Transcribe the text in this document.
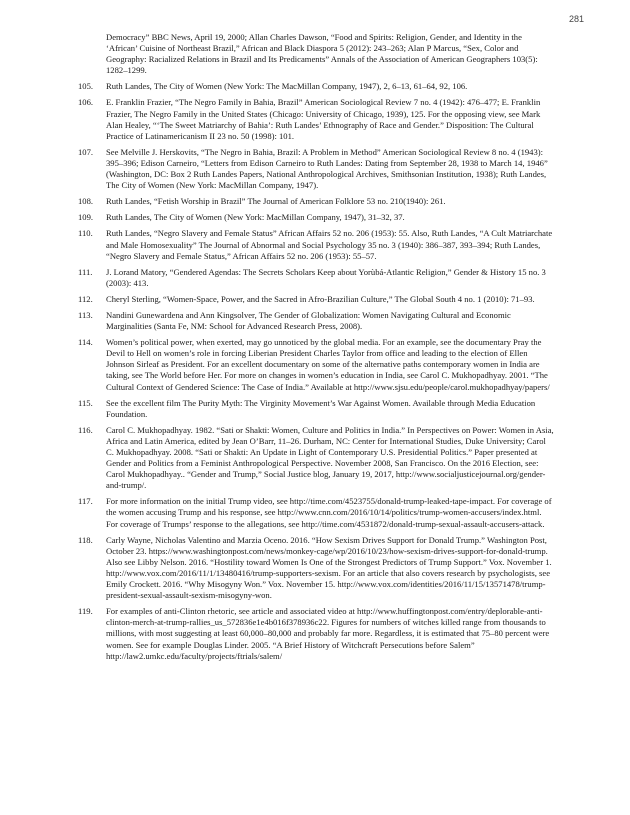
281
Democracy” BBC News, April 19, 2000; Allan Charles Dawson, “Food and Spirits: Religion, Gender, and Identity in the ‘African’ Cuisine of Northeast Brazil,” African and Black Diaspora 5 (2012): 243–263; Alan P Marcus, “Sex, Color and Geography: Racialized Relations in Brazil and Its Predicaments” Annals of the Association of American Geographers 103(5): 1282–1299.
105.	Ruth Landes, The City of Women (New York: The MacMillan Company, 1947), 2, 6–13, 61–64, 92, 106.
106.	E. Franklin Frazier, “The Negro Family in Bahia, Brazil” American Sociological Review 7 no. 4 (1942): 476–477; E. Franklin Frazier, The Negro Family in the United States (Chicago: University of Chicago, 1939), 125. For the opposing view, see Mark Alan Healey, “‘The Sweet Matriarchy of Bahia’: Ruth Landes’ Ethnography of Race and Gender.” Disposition: The Cultural Practice of Latinamericanism II 23 no. 50 (1998): 101.
107.	See Melville J. Herskovits, “The Negro in Bahia, Brazil: A Problem in Method” American Sociological Review 8 no. 4 (1943): 395–396; Edison Carneiro, “Letters from Edison Carneiro to Ruth Landes: Dating from September 28, 1938 to March 14, 1946” (Washington, DC: Box 2 Ruth Landes Papers, National Anthropological Archives, Smithsonian Institution, 1938); Ruth Landes, The City of Women (New York: MacMillan Company, 1947).
108.	Ruth Landes, “Fetish Worship in Brazil” The Journal of American Folklore 53 no. 210(1940): 261.
109.	Ruth Landes, The City of Women (New York: MacMillan Company, 1947), 31–32, 37.
110.	Ruth Landes, “Negro Slavery and Female Status” African Affairs 52 no. 206 (1953): 55. Also, Ruth Landes, “A Cult Matriarchate and Male Homosexuality” The Journal of Abnormal and Social Psychology 35 no. 3 (1940): 386–387, 393–394; Ruth Landes, “Negro Slavery and Female Status,” African Affairs 52 no. 206 (1953): 55–57.
111.	J. Lorand Matory, “Gendered Agendas: The Secrets Scholars Keep about Yorùbá-Atlantic Religion,” Gender & History 15 no. 3 (2003): 413.
112.	Cheryl Sterling, “Women-Space, Power, and the Sacred in Afro-Brazilian Culture,” The Global South 4 no. 1 (2010): 71–93.
113.	Nandini Gunewardena and Ann Kingsolver, The Gender of Globalization: Women Navigating Cultural and Economic Marginalities (Santa Fe, NM: School for Advanced Research Press, 2008).
114.	Women’s political power, when exerted, may go unnoticed by the global media. For an example, see the documentary Pray the Devil to Hell on women’s role in forcing Liberian President Charles Taylor from office and leading to the election of Ellen Johnson Sirleaf as President. For an excellent documentary on some of the alternative paths contemporary women in India are taking, see The World before Her. For more on changes in women’s education in India, see Carol C. Mukhopadhyay. 2001. “The Cultural Context of Gendered Science: The Case of India.” Available at http://www.sjsu.edu/people/carol.mukhopadhyay/papers/
115.	See the excellent film The Purity Myth: The Virginity Movement’s War Against Women. Available through Media Education Foundation.
116.	Carol C. Mukhopadhyay. 1982. “Sati or Shakti: Women, Culture and Politics in India.” In Perspectives on Power: Women in Asia, Africa and Latin America, edited by Jean O’Barr, 11–26. Durham, NC: Center for International Studies, Duke University; Carol C. Mukhopadhyay. 2008. “Sati or Shakti: An Update in Light of Contemporary U.S. Presidential Politics.” Paper presented at Gender and Politics from a Feminist Anthropological Perspective. November 2008, San Francisco. On the 2016 Election, see: Carol Mukhopadhyay.. “Gender and Trump,” Social Justice blog, January 19, 2017, http://www.socialjusticejournal.org/gender-and-trump/.
117.	For more information on the initial Trump video, see http://time.com/4523755/donald-trump-leaked-tape-impact. For coverage of the women accusing Trump and his response, see http://www.cnn.com/2016/10/14/politics/trump-women-accusers/index.html. For coverage of Trumps’ response to the allegations, see http://time.com/4531872/donald-trump-sexual-assault-accusers-attack.
118.	Carly Wayne, Nicholas Valentino and Marzia Oceno. 2016. “How Sexism Drives Support for Donald Trump.” Washington Post, October 23. https://www.washingtonpost.com/news/monkey-cage/wp/2016/10/23/how-sexism-drives-support-for-donald-trump. Also see Libby Nelson. 2016. “Hostility toward Women Is One of the Strongest Predictors of Trump Support.” Vox. November 1. http://www.vox.com/2016/11/1/13480416/trump-supporters-sexism. For an article that also covers research by psychologists, see Emily Crockett. 2016. “Why Misogyny Won.” Vox. November 15. http://www.vox.com/identities/2016/11/15/13571478/trump-president-sexual-assault-sexism-misogyny-won.
119.	For examples of anti-Clinton rhetoric, see article and associated video at http://www.huffingtonpost.com/entry/deplorable-anti-clinton-merch-at-trump-rallies_us_572836e1e4b016f378936c22. Figures for numbers of witches killed range from thousands to millions, with most suggesting at least 60,000–80,000 and probably far more. Regardless, it is estimated that 75–80 percent were women. See for example Douglas Linder. 2005. “A Brief History of Witchcraft Persecutions before Salem” http://law2.umkc.edu/faculty/projects/ftrials/salem/
